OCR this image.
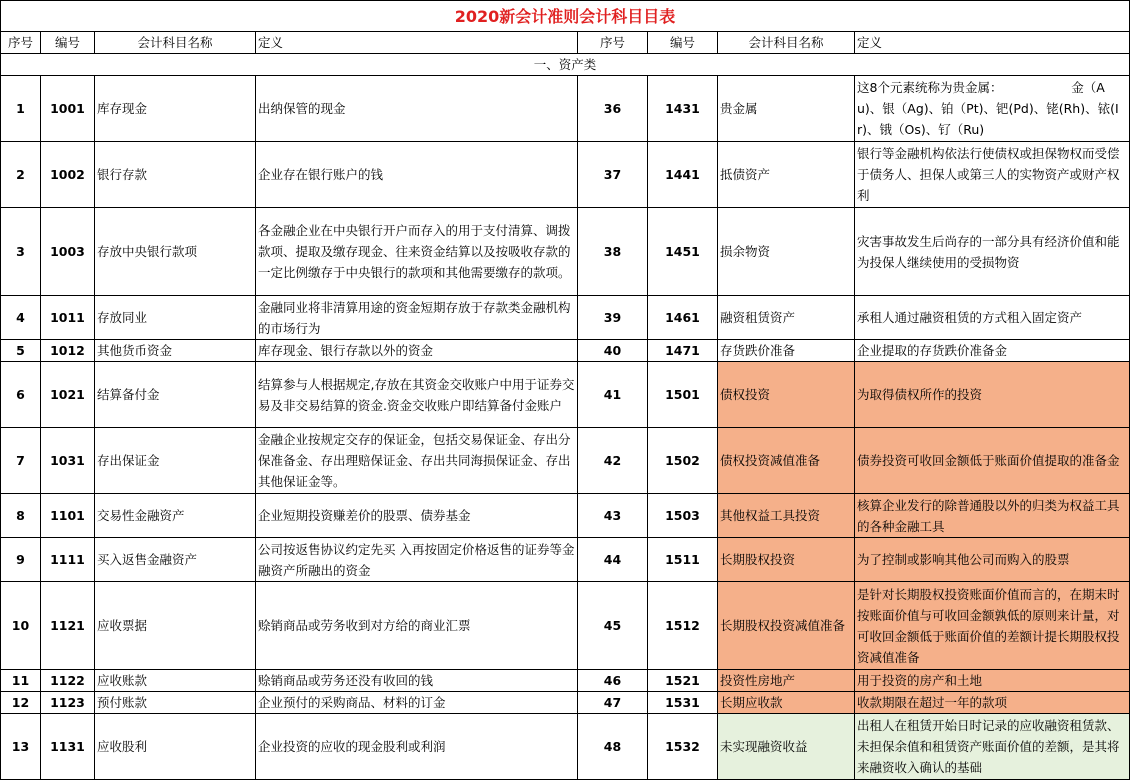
2020新会计准则会计科目目表							
序号	编号	会计科目名称	定义	序号	编号	会计科目名称	定义
一、资产类							
1	1001	库存现金	出纳保管的现金	36	1431	贵金属	这8个元素统称为贵金属：　　　　　　金（Au)、银（Ag)、铂（Pt)、钯(Pd)、铑(Rh)、铱(Ir)、锇（Os)、钌（Ru)
2	1002	银行存款	企业存在银行账户的钱	37	1441	抵债资产	银行等金融机构依法行使债权或担保物权而受偿于债务人、担保人或第三人的实物资产或财产权利
3	1003	存放中央银行款项	各金融企业在中央银行开户而存入的用于支付清算、调拨款项、提取及缴存现金、往来资金结算以及按吸收存款的一定比例缴存于中央银行的款项和其他需要缴存的款项。	38	1451	损余物资	灾害事故发生后尚存的一部分具有经济价值和能为投保人继续使用的受损物资
4	1011	存放同业	金融同业将非清算用途的资金短期存放于存款类金融机构的市场行为	39	1461	融资租赁资产	承租人通过融资租赁的方式租入固定资产
5	1012	其他货币资金	库存现金、银行存款以外的资金	40	1471	存货跌价准备	企业提取的存货跌价准备金
6	1021	结算备付金	结算参与人根据规定,存放在其资金交收账户中用于证券交易及非交易结算的资金.资金交收账户即结算备付金账户	41	1501	债权投资	为取得债权所作的投资
7	1031	存出保证金	金融企业按规定交存的保证金，包括交易保证金、存出分保准备金、存出理赔保证金、存出共同海损保证金、存出其他保证金等。	42	1502	债权投资减值准备	债券投资可收回金额低于账面价值提取的准备金
8	1101	交易性金融资产	企业短期投资赚差价的股票、债券基金	43	1503	其他权益工具投资	核算企业发行的除普通股以外的归类为权益工具的各种金融工具
9	1111	买入返售金融资产	公司按返售协议约定先买 入再按固定价格返售的证券等金融资产所融出的资金	44	1511	长期股权投资	为了控制或影响其他公司而购入的股票
10	1121	应收票据	赊销商品或劳务收到对方给的商业汇票	45	1512	长期股权投资减值准备	是针对长期股权投资账面价值而言的，在期末时按账面价值与可收回金额孰低的原则来计量，对可收回金额低于账面价值的差额计提长期股权投资减值准备
11	1122	应收账款	赊销商品或劳务还没有收回的钱	46	1521	投资性房地产	用于投资的房产和土地
12	1123	预付账款	企业预付的采购商品、材料的订金	47	1531	长期应收款	收款期限在超过一年的款项
13	1131	应收股利	企业投资的应收的现金股利或利润	48	1532	未实现融资收益	出租人在租赁开始日时记录的应收融资租赁款、未担保余值和租赁资产账面价值的差额，是其将来融资收入确认的基础
